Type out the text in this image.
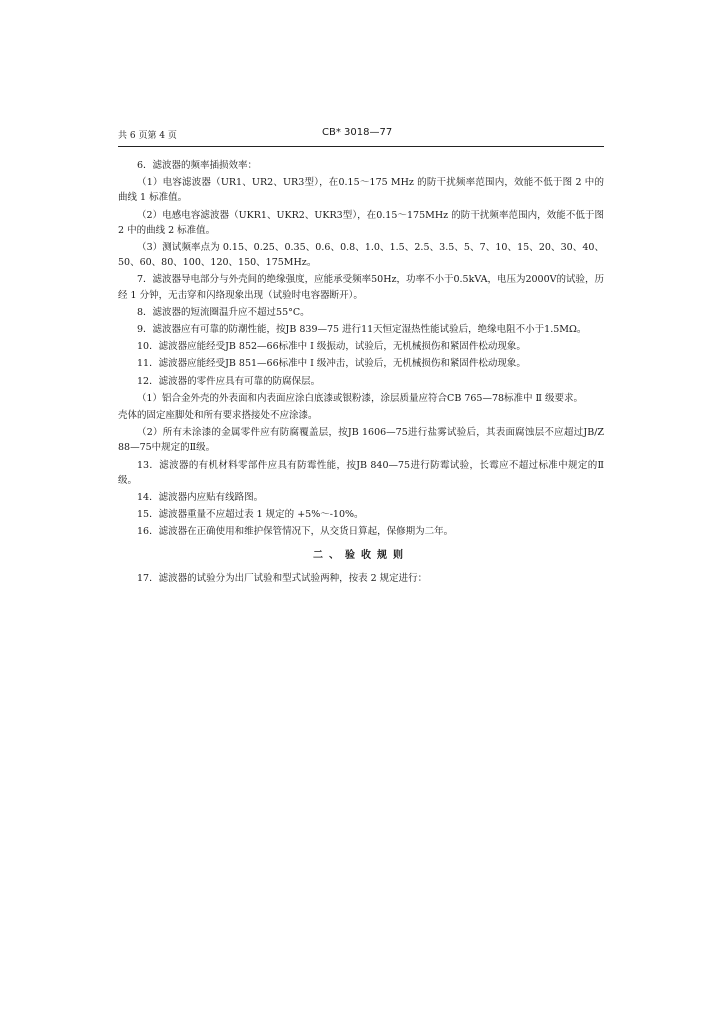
共 6 页第 4 页	CB* 3018—77

6．滤波器的频率插损效率：

（1）电容滤波器（UR1、UR2、UR3型），在0.15～175 MHz 的防干扰频率范围内，效能不低于图 2 中的曲线 1 标准值。

（2）电感电容滤波器（UKR1、UKR2、UKR3型），在0.15～175MHz 的防干扰频率范围内，效能不低于图 2 中的曲线 2 标准值。

（3）测试频率点为 0.15、0.25、0.35、0.6、0.8、1.0、1.5、2.5、3.5、5、7、10、15、20、30、40、50、60、80、100、120、150、175MHz。

7．滤波器导电部分与外壳间的绝缘强度，应能承受频率50Hz，功率不小于0.5kVA，电压为2000V的试验，历经 1 分钟，无击穿和闪络现象出现（试验时电容器断开）。

8．滤波器的短流圈温升应不超过55°C。

9．滤波器应有可靠的防潮性能，按JB 839—75 进行11天恒定湿热性能试验后，绝缘电阻不小于1.5MΩ。

10．滤波器应能经受JB 852—66标准中 I 级振动，试验后，无机械损伤和紧固件松动现象。

11．滤波器应能经受JB 851—66标准中 I 级冲击，试验后，无机械损伤和紧固件松动现象。

12．滤波器的零件应具有可靠的防腐保层。

（1）铝合金外壳的外表面和内表面应涂白底漆或银粉漆，涂层质量应符合CB 765—78标准中 Ⅱ 级要求。

壳体的固定座脚处和所有要求搭接处不应涂漆。

（2）所有未涂漆的金属零件应有防腐覆盖层，按JB 1606—75进行盐雾试验后，其表面腐蚀层不应超过JB/Z 88—75中规定的Ⅱ级。

13．滤波器的有机材料零部件应具有防霉性能，按JB 840—75进行防霉试验，长霉应不超过标准中规定的Ⅱ级。

14．滤波器内应贴有线路图。

15．滤波器重量不应超过表 1 规定的 +5%～-10%。

16．滤波器在正确使用和维护保管情况下，从交货日算起，保修期为二年。

二、验收规则

17．滤波器的试验分为出厂试验和型式试验两种，按表 2 规定进行：
